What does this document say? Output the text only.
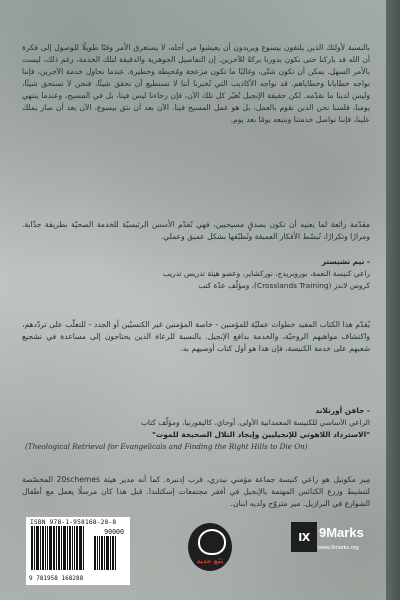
بالنسبة لأولئك الذين يلتقون بيسوع ويريدون أن يعيشوا من أجله، لا يستغرق الأمر وقتًا طويلًا للوصول إلى فكرة أن الله قد باركنا حتى نكون بدورنا بركةً للآخرين. إن التفاصيل الجوهرية والدقيقة لتلك الخدمة، رغم ذلك، ليست بالأمر السهل. يمكن أن تكون شتّى، وغالبًا ما تكون مزعجة ومُحبِطة وخطيرة. عندما نحاول خدمة الآخرين، فإننا نواجه خطايانا وخطاياهم. قد نواجه الأكاذيب التي تُخبرنا أننا لا نستطيع أن نحقق شيئًا، فنحن لا نستحق شيئًا، وليس لدينا ما نقدّمه. لكن حقيقة الإنجيل تُغيّر كل تلك الآن، فإن رجاءنا ليس فينا، بل في المسيح، وعندما ينتهي يومنا، فلسنا نحن الذين نقوم بالعمل، بل هو عمل المسيح فينا. الآن بعد أن نثق بيسوع، الآن بعد أن صار يملك علينا، فإننا نواصل خدمتنا ونتبعه يومًا بعد يوم.
مقدّمة رائعة لما يعنيه أن تكون بصدقٍ مسيحيين، فهي تُقدّم الأسس الرئيسيّة للخدمة الصحيّة بطريقة جذّابة. ومرارًا وتكرارًا، تُبسّط الأفكار العميقة وتُطبّقها بشكل عميق وعملي.
- تيم تشيستر
راعي كنيسة النعمة، بوروبريدج، نوركشاير، وعضو هيئة تدريس تدريب
كروس لاندز (Crosslands Training)، ومؤلّف عدّة كتب
يُقدّم هذا الكتاب المفيد خطوات عمليّة للمؤمنين - خاصة المؤمنين غير الكنسيّين أو الجدد - للتغلّب على تردّدهم، واكتشاف مواهبهم الروحيّة، والخدمة بدافع الإنجيل. بالنسبة للرعاة الذين يحتاجون إلى مساعدة في تشجيع شعبهم على خدمة الكنيسة، فإن هذا هو أول كتاب أوصيهم به.
- جافن أورتلاند
الراعي الأساسي للكنيسة المعمدانية الأولى، أوجاي، كاليفورنيا، ومؤلّف كتاب
"الاسترداد اللاهوتي للإنجيليين وإيجاد التلال الصحيحة للموت"
(Theological Retrieval for Evangelicals and Finding the Right Hills to Die On)
مِيز مكونيل هو راعي كنيسة جماعة مؤمني نيدري، قرب إدنبرة. كما أنه مدير هيئة 20schemes المخصّصة لتنشيط وزرع الكنائس المهتمة بالإنجيل في أفقر مجتمعات إسكتلندا. قبل هذا كان مرسلًا يعمل مع أطفال الشوارع في البرازيل. ميز متزوّج ولديه ابنان.
ISBN 978-1-958168-28-8
90000
9 781958 168288
نَبْع جديد
IX 9Marks
www.9marks.org
